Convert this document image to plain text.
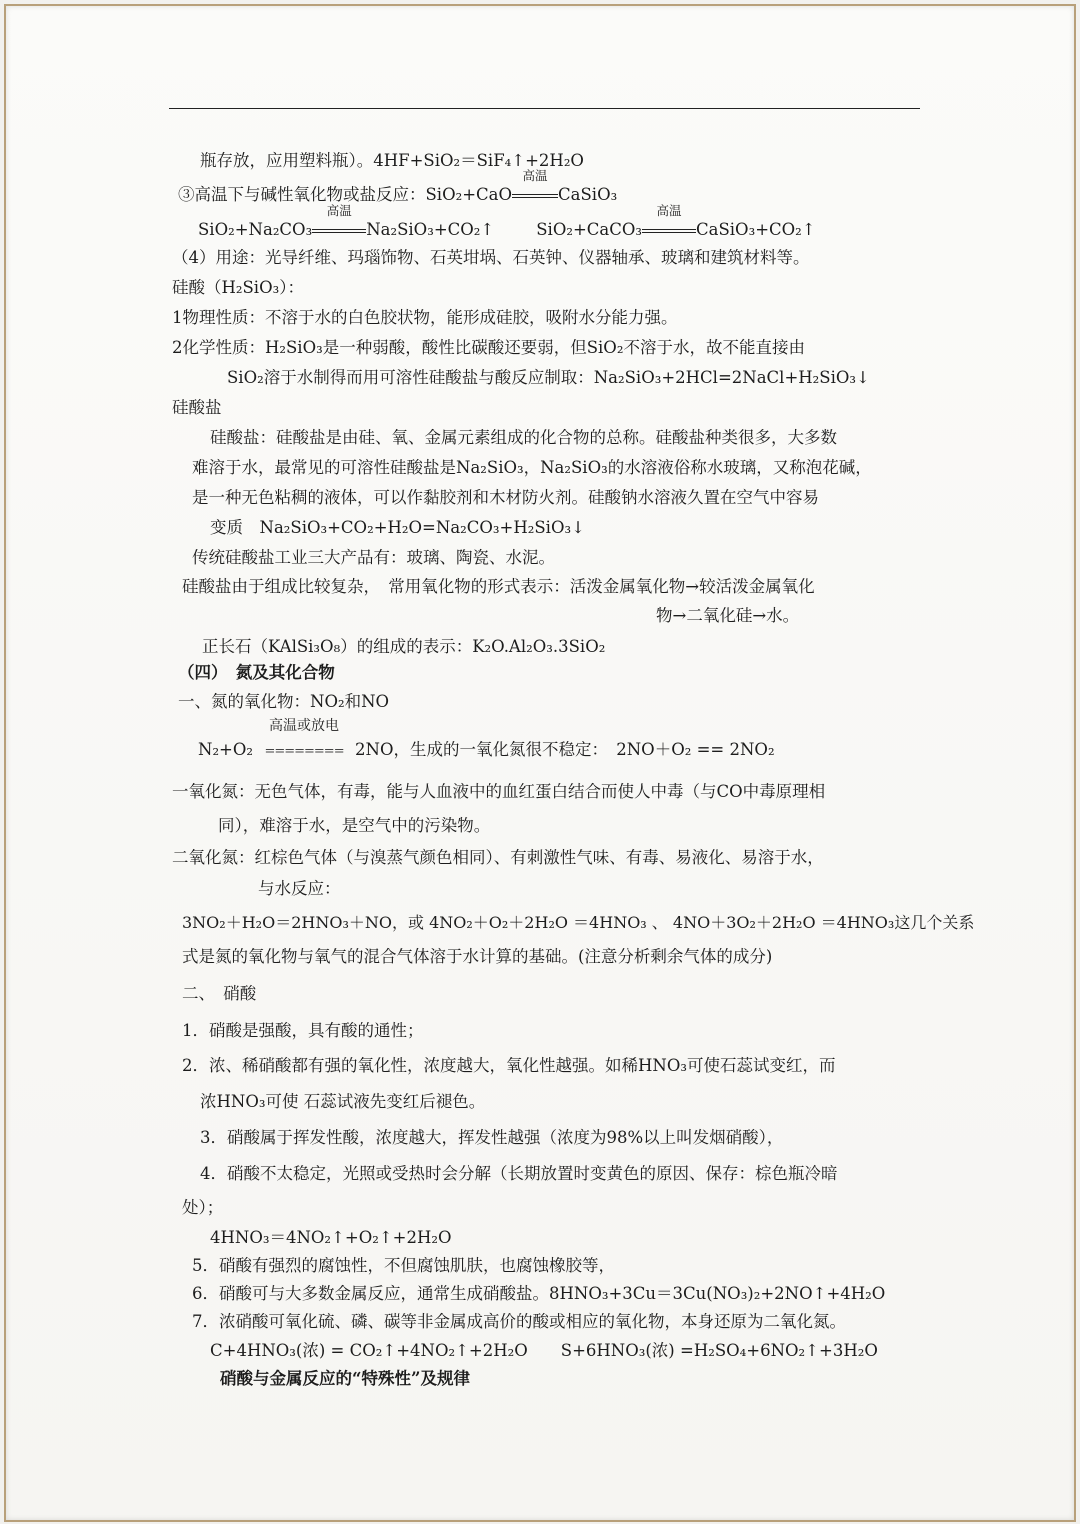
瓶存放，应用塑料瓶）。4HF+SiO₂＝SiF₄↑+2H₂O
③高温下与碱性氧化物或盐反应：SiO₂+CaO
高温
CaSiO₃
SiO₂+Na₂CO₃
高温
Na₂SiO₃+CO₂↑	SiO₂+CaCO₃
高温
CaSiO₃+CO₂↑
（4）用途：光导纤维、玛瑙饰物、石英坩埚、石英钟、仪器轴承、玻璃和建筑材料等。
硅酸（H₂SiO₃）：
1物理性质：不溶于水的白色胶状物，能形成硅胶，吸附水分能力强。
2化学性质：H₂SiO₃是一种弱酸，酸性比碳酸还要弱，但SiO₂不溶于水，故不能直接由
SiO₂溶于水制得而用可溶性硅酸盐与酸反应制取：Na₂SiO₃+2HCl=2NaCl+H₂SiO₃↓
硅酸盐
硅酸盐：硅酸盐是由硅、氧、金属元素组成的化合物的总称。硅酸盐种类很多，大多数
难溶于水，最常见的可溶性硅酸盐是Na₂SiO₃，Na₂SiO₃的水溶液俗称水玻璃，又称泡花碱，
是一种无色粘稠的液体，可以作黏胶剂和木材防火剂。硅酸钠水溶液久置在空气中容易
变质　Na₂SiO₃+CO₂+H₂O=Na₂CO₃+H₂SiO₃↓
传统硅酸盐工业三大产品有：玻璃、陶瓷、水泥。
硅酸盐由于组成比较复杂，　常用氧化物的形式表示：活泼金属氧化物→较活泼金属氧化
物→二氧化硅→水。
正长石（KAlSi₃O₈）的组成的表示：K₂O.Al₂O₃.3SiO₂
（四）　氮及其化合物
一、氮的氧化物：NO₂和NO
N₂+O₂
高温或放电
======== 2NO，生成的一氧化氮很不稳定：　2NO＋O₂ == 2NO₂
一氧化氮：无色气体，有毒，能与人血液中的血红蛋白结合而使人中毒（与CO中毒原理相
同），难溶于水，是空气中的污染物。
二氧化氮：红棕色气体（与溴蒸气颜色相同）、有刺激性气味、有毒、易液化、易溶于水，
与水反应：
3NO₂＋H₂O＝2HNO₃＋NO，或 4NO₂＋O₂＋2H₂O ＝4HNO₃ 、 4NO＋3O₂＋2H₂O ＝4HNO₃这几个关系
式是氮的氧化物与氧气的混合气体溶于水计算的基础。(注意分析剩余气体的成分)
二、　硝酸
1．硝酸是强酸，具有酸的通性；
2．浓、稀硝酸都有强的氧化性，浓度越大，氧化性越强。如稀HNO₃可使石蕊试变红，而
浓HNO₃可使 石蕊试液先变红后褪色。
3．硝酸属于挥发性酸，浓度越大，挥发性越强（浓度为98%以上叫发烟硝酸），
4．硝酸不太稳定，光照或受热时会分解（长期放置时变黄色的原因、保存：棕色瓶冷暗
处）；
4HNO₃＝4NO₂↑+O₂↑+2H₂O
5．硝酸有强烈的腐蚀性，不但腐蚀肌肤，也腐蚀橡胶等，
6．硝酸可与大多数金属反应，通常生成硝酸盐。8HNO₃+3Cu＝3Cu(NO₃)₂+2NO↑+4H₂O
7．浓硝酸可氧化硫、磷、碳等非金属成高价的酸或相应的氧化物，本身还原为二氧化氮。
C+4HNO₃(浓) = CO₂↑+4NO₂↑+2H₂O　　S+6HNO₃(浓) =H₂SO₄+6NO₂↑+3H₂O
硝酸与金属反应的“特殊性”及规律
